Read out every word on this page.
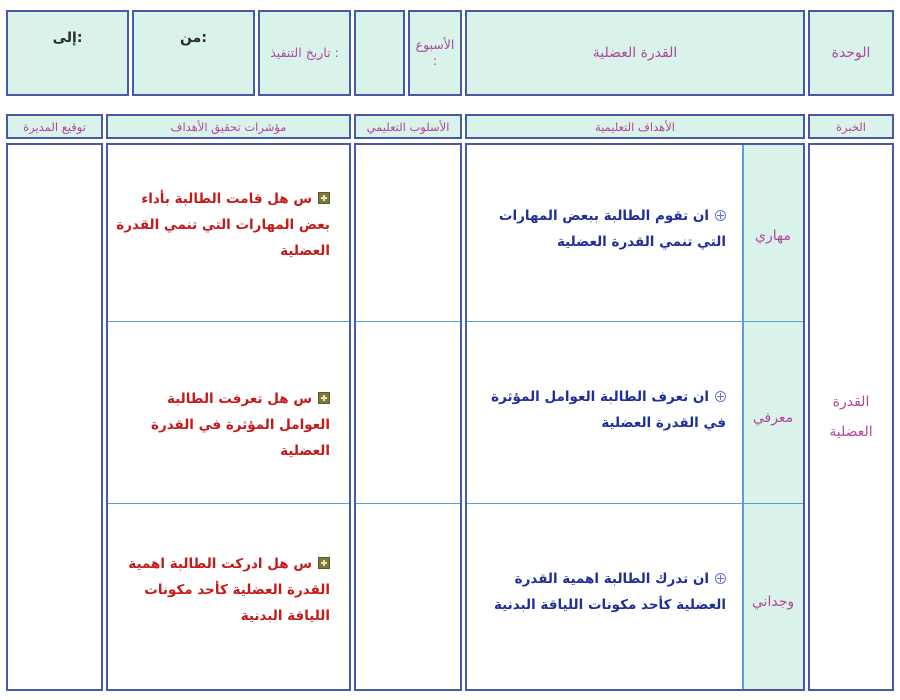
الوحدة
القدرة العضلية
الأسبوع
:
تاريخ التنفيذ :
من:
إلى:
الخبرة
الأهداف التعليمية
الأسلوب التعليمي
مؤشرات تحقيق الأهداف
توقيع المديرة
القدرة العضلية
مهاري
ان تقوم الطالبة ببعض المهارات التي تنمي القدرة العضلية
س هل قامت الطالبة بأداء بعض المهارات التي تنمي القدرة العضلية
معرفي
ان تعرف الطالبة العوامل المؤثرة في القدرة العضلية
س هل تعرفت الطالبة العوامل المؤثرة في القدرة العضلية
وجداني
ان تدرك الطالبة اهمية القدرة العضلية كأحد مكونات اللياقة البدنية
س هل ادركت الطالبة اهمية القدرة العضلية كأحد مكونات اللياقة البدنية
